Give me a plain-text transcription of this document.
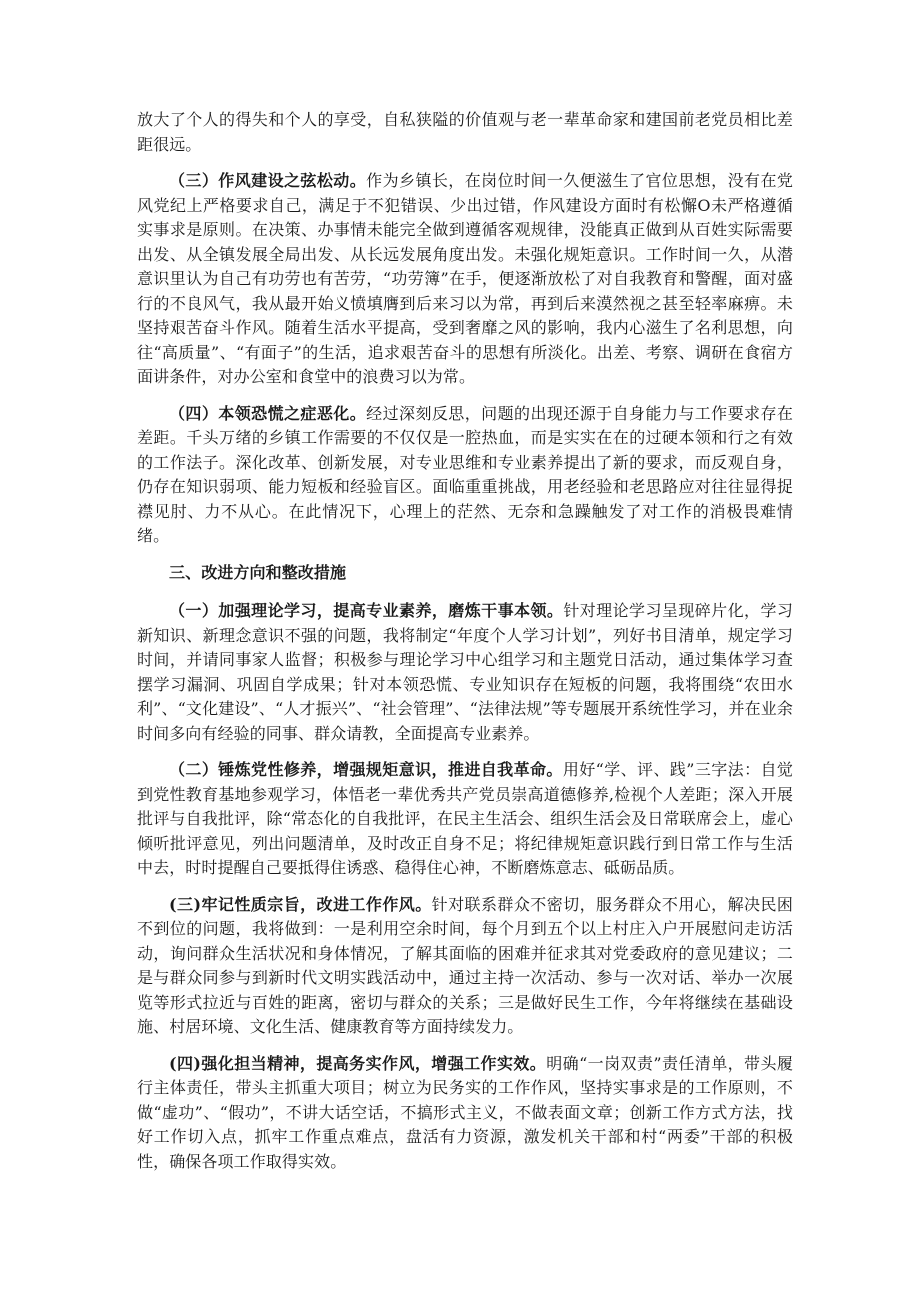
放大了个人的得失和个人的享受，自私狭隘的价值观与老一辈革命家和建国前老党员相比差距很远。

（三）作风建设之弦松动。作为乡镇长，在岗位时间一久便滋生了官位思想，没有在党风党纪上严格要求自己，满足于不犯错误、少出过错，作风建设方面时有松懈O未严格遵循实事求是原则。在决策、办事情未能完全做到遵循客观规律，没能真正做到从百姓实际需要出发、从全镇发展全局出发、从长远发展角度出发。未强化规矩意识。工作时间一久，从潜意识里认为自己有功劳也有苦劳，“功劳簿”在手，便逐渐放松了对自我教育和警醒，面对盛行的不良风气，我从最开始义愤填膺到后来习以为常，再到后来漠然视之甚至轻率麻痹。未坚持艰苦奋斗作风。随着生活水平提高，受到奢靡之风的影响，我内心滋生了名利思想，向往“高质量”、“有面子”的生活，追求艰苦奋斗的思想有所淡化。出差、考察、调研在食宿方面讲条件，对办公室和食堂中的浪费习以为常。

（四）本领恐慌之症恶化。经过深刻反思，问题的出现还源于自身能力与工作要求存在差距。千头万绪的乡镇工作需要的不仅仅是一腔热血，而是实实在在的过硬本领和行之有效的工作法子。深化改革、创新发展，对专业思维和专业素养提出了新的要求，而反观自身，仍存在知识弱项、能力短板和经验盲区。面临重重挑战，用老经验和老思路应对往往显得捉襟见肘、力不从心。在此情况下，心理上的茫然、无奈和急躁触发了对工作的消极畏难情绪。

三、改进方向和整改措施

（一）加强理论学习，提高专业素养，磨炼干事本领。针对理论学习呈现碎片化，学习新知识、新理念意识不强的问题，我将制定“年度个人学习计划”，列好书目清单，规定学习时间，并请同事家人监督；积极参与理论学习中心组学习和主题党日活动，通过集体学习查摆学习漏洞、巩固自学成果；针对本领恐慌、专业知识存在短板的问题，我将围绕“农田水利”、“文化建设”、“人才振兴”、“社会管理”、“法律法规”等专题展开系统性学习，并在业余时间多向有经验的同事、群众请教，全面提高专业素养。

（二）锤炼党性修养，增强规矩意识，推进自我革命。用好“学、评、践”三字法：自觉到党性教育基地参观学习，体悟老一辈优秀共产党员崇高道德修养,检视个人差距；深入开展批评与自我批评，除“常态化的自我批评，在民主生活会、组织生活会及日常联席会上，虚心倾听批评意见，列出问题清单，及时改正自身不足；将纪律规矩意识践行到日常工作与生活中去，时时提醒自己要抵得住诱惑、稳得住心神，不断磨炼意志、砥砺品质。

(三)牢记性质宗旨，改进工作作风。针对联系群众不密切，服务群众不用心，解决民困不到位的问题，我将做到：一是利用空余时间，每个月到五个以上村庄入户开展慰问走访活动，询问群众生活状况和身体情况，了解其面临的困难并征求其对党委政府的意见建议；二是与群众同参与到新时代文明实践活动中，通过主持一次活动、参与一次对话、举办一次展览等形式拉近与百姓的距离，密切与群众的关系；三是做好民生工作，今年将继续在基础设施、村居环境、文化生活、健康教育等方面持续发力。

(四)强化担当精神，提高务实作风，增强工作实效。明确“一岗双责”责任清单，带头履行主体责任，带头主抓重大项目；树立为民务实的工作作风，坚持实事求是的工作原则，不做“虚功”、“假功”，不讲大话空话，不搞形式主义，不做表面文章；创新工作方式方法，找好工作切入点，抓牢工作重点难点，盘活有力资源，激发机关干部和村“两委”干部的积极性，确保各项工作取得实效。
